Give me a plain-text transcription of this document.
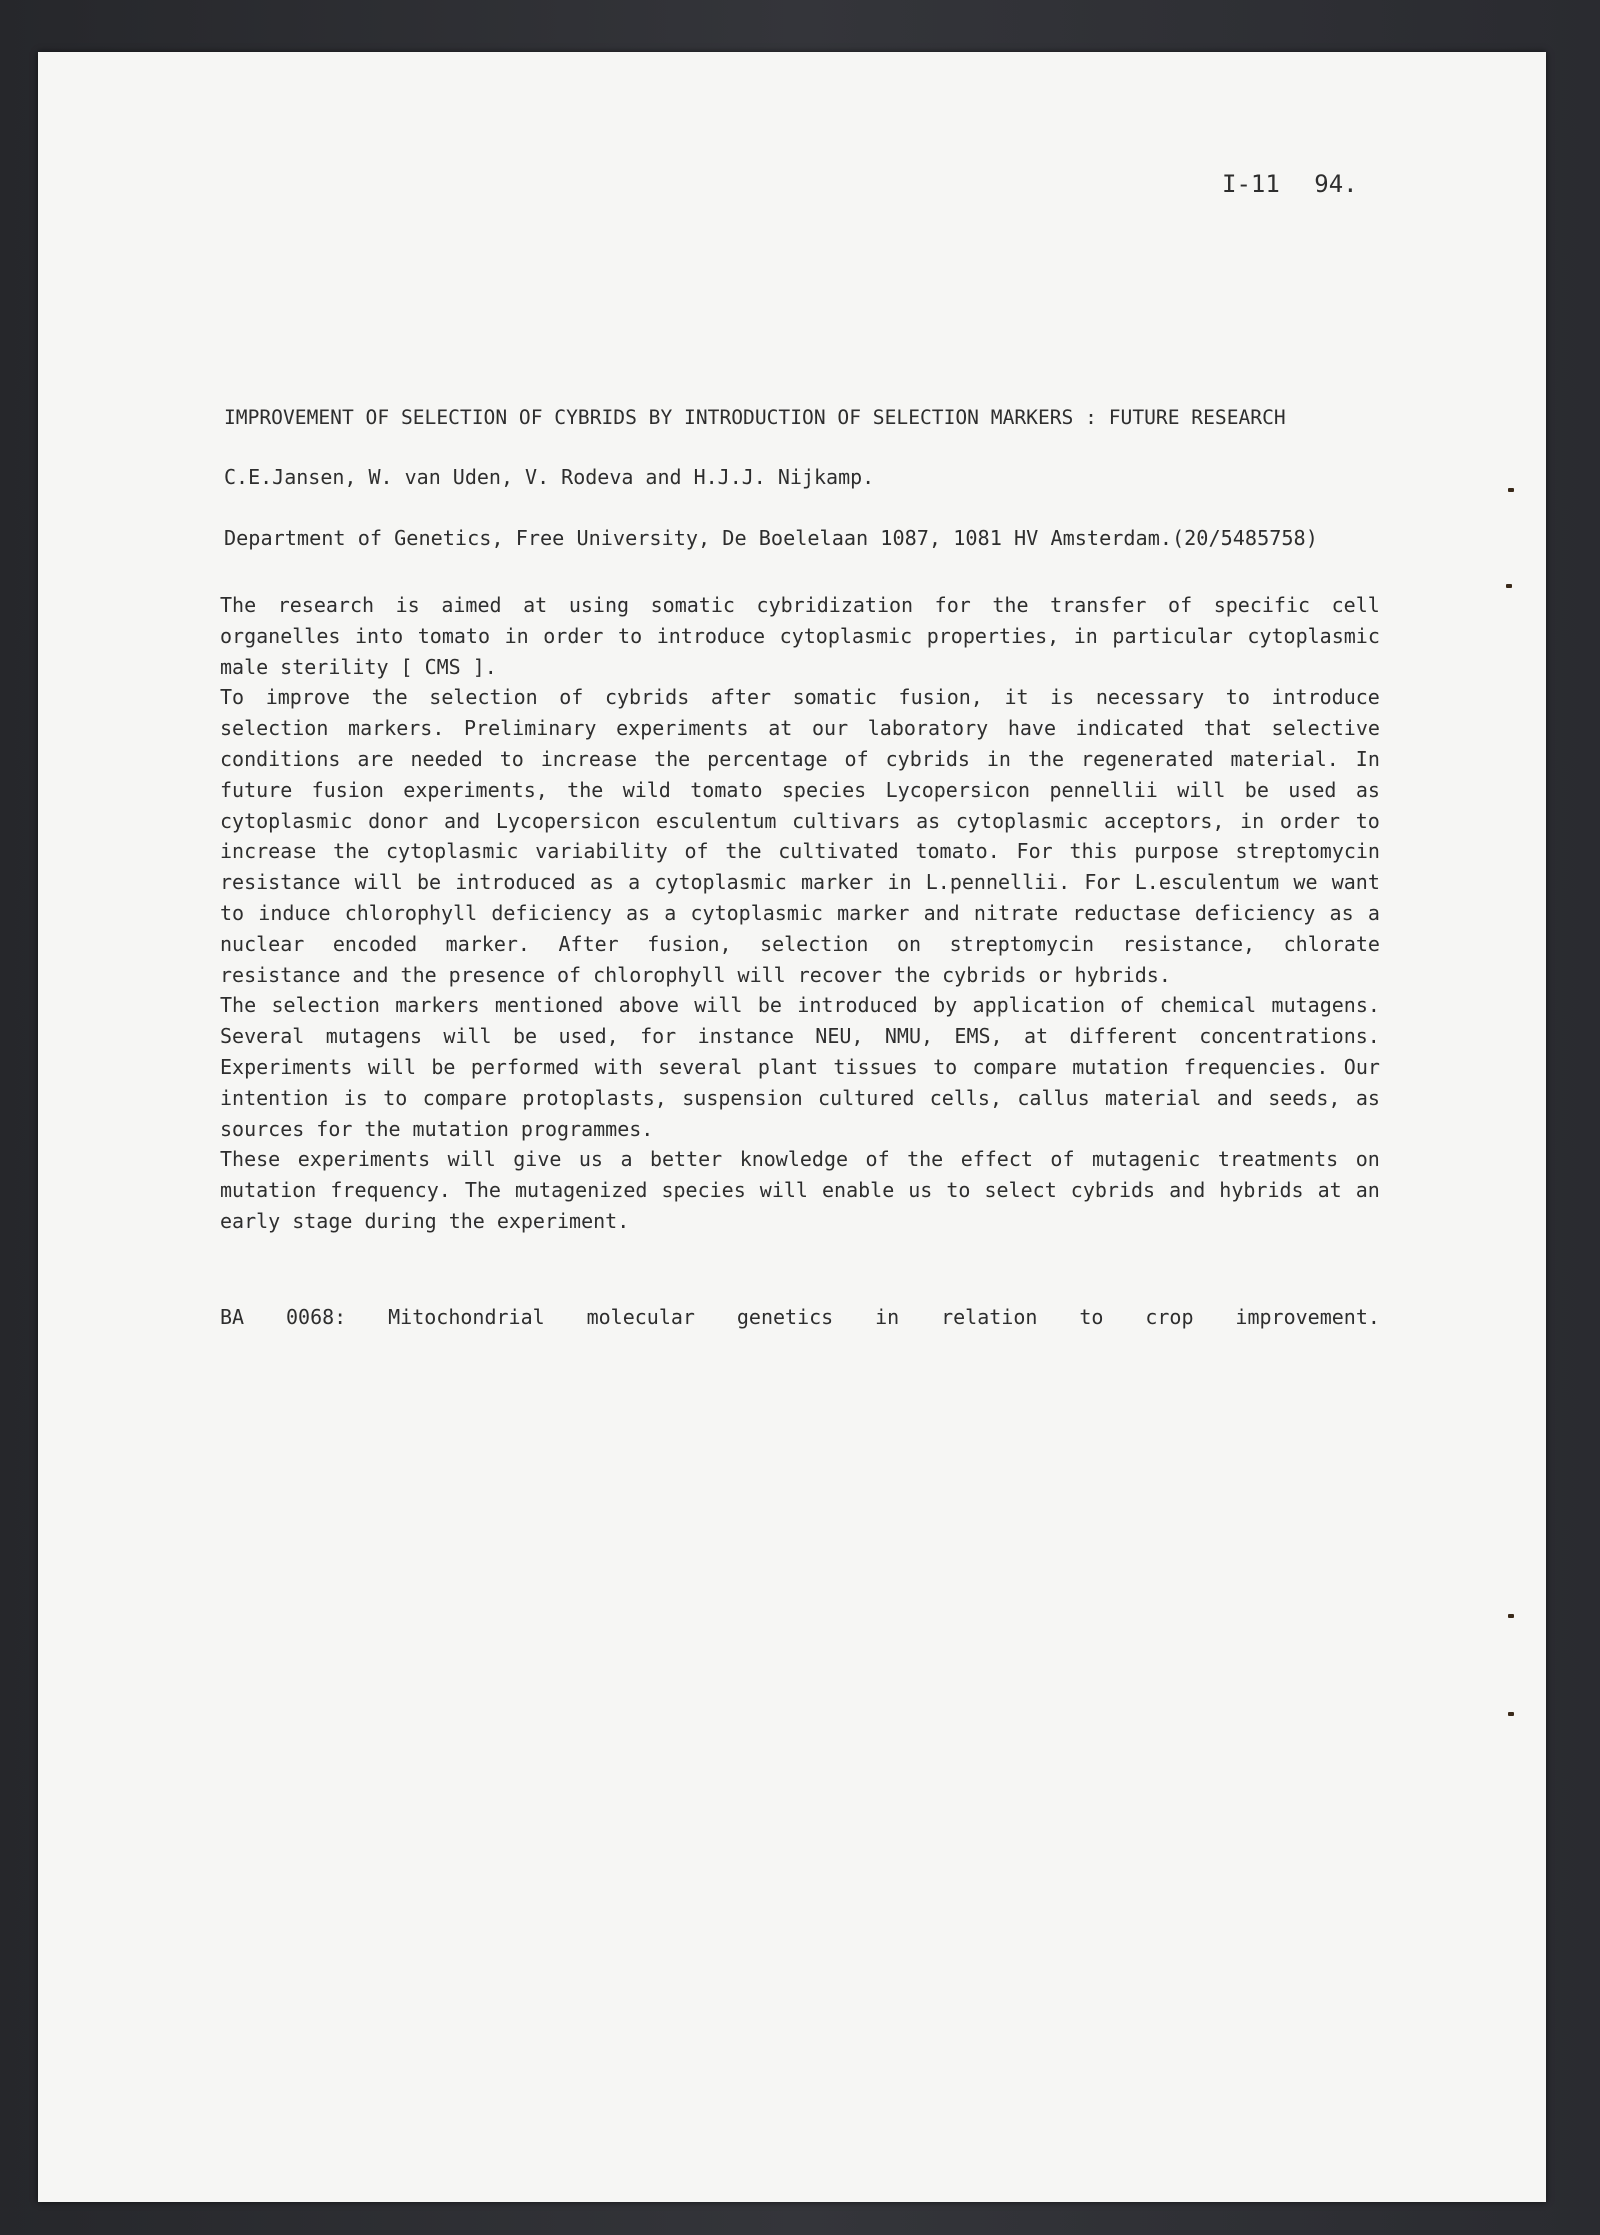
I-11 94.
IMPROVEMENT OF SELECTION OF CYBRIDS BY INTRODUCTION OF SELECTION MARKERS : FUTURE RESEARCH
C.E.Jansen, W. van Uden, V. Rodeva and H.J.J. Nijkamp.
Department of Genetics, Free University, De Boelelaan 1087, 1081 HV Amsterdam.(20/5485758)
The research is aimed at using somatic cybridization for the transfer of specific cell
organelles into tomato in order to introduce cytoplasmic properties, in particular cytoplasmic
male sterility [ CMS ].
To improve the selection of cybrids after somatic fusion, it is necessary to introduce
selection markers. Preliminary experiments at our laboratory have indicated that selective
conditions are needed to increase the percentage of cybrids in the regenerated material. In
future fusion experiments, the wild tomato species Lycopersicon pennellii will be used as
cytoplasmic donor and Lycopersicon esculentum cultivars as cytoplasmic acceptors, in order to
increase the cytoplasmic variability of the cultivated tomato. For this purpose streptomycin
resistance will be introduced as a cytoplasmic marker in L.pennellii. For L.esculentum we want
to induce chlorophyll deficiency as a cytoplasmic marker and nitrate reductase deficiency as a
nuclear encoded marker. After fusion, selection on streptomycin resistance, chlorate
resistance and the presence of chlorophyll will recover the cybrids or hybrids.
The selection markers mentioned above will be introduced by application of chemical mutagens.
Several mutagens will be used, for instance NEU, NMU, EMS, at different concentrations.
Experiments will be performed with several plant tissues to compare mutation frequencies. Our
intention is to compare protoplasts, suspension cultured cells, callus material and seeds, as
sources for the mutation programmes.
These experiments will give us a better knowledge of the effect of mutagenic treatments on
mutation frequency. The mutagenized species will enable us to select cybrids and hybrids at an
early stage during the experiment.
BA 0068: Mitochondrial molecular genetics in relation to crop improvement.
